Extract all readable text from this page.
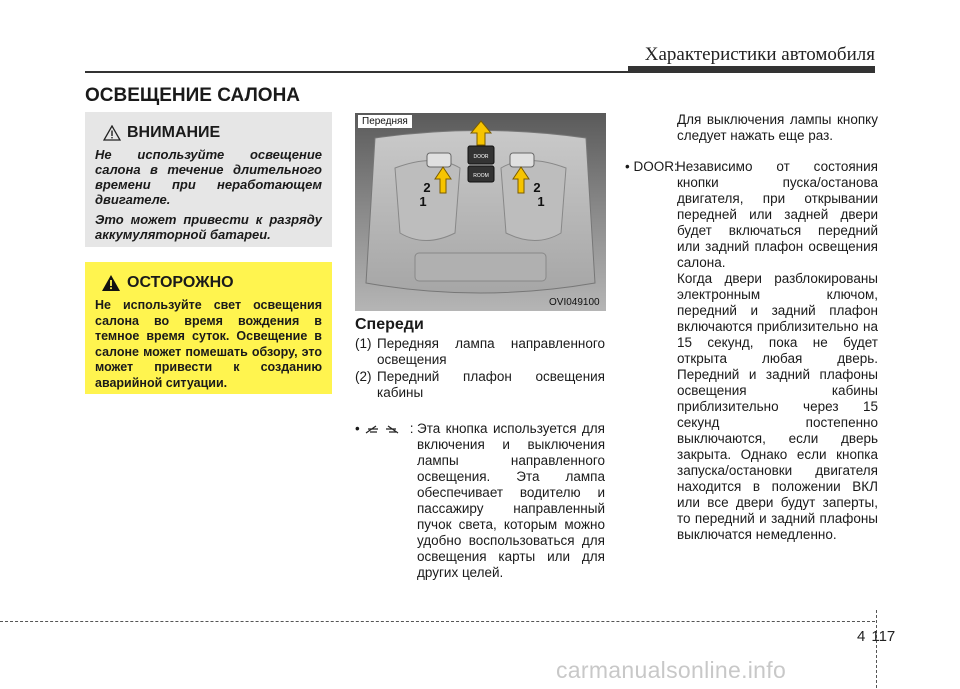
Характеристики автомобиля
ОСВЕЩЕНИЕ САЛОНА
ВНИМАНИЕ

Не используйте освещение салона в течение длительного времени при неработающем двигателе.

Это может привести к разряду аккумуляторной батареи.

ОСТОРОЖНО

Не используйте свет освещения салона во время вождения в темное время суток. Освещение в салоне может помешать обзору, это может привести к созданию аварийной ситуации.

DOOR
ROOM
2
1
2
1
Передняя
OVI049100
Спереди
(1) Передняя лампа направленного освещения
(2) Передний плафон освещения кабины
•	: Эта кнопка используется для включения и выключения лампы направленного освещения. Эта лампа обеспечивает водителю и пассажиру направленный пучок света, которым можно удобно воспользоваться для освещения карты или для других целей.
Для выключения лампы кнопку следует нажать еще раз.
• DOOR:
Независимо от состояния кнопки пуска/останова двигателя, при открывании передней или задней двери будет включаться передний или задний плафон освещения салона.
Когда двери разблокированы электронным ключом, передний и задний плафон включаются приблизительно на 15 секунд, пока не будет открыта любая дверь. Передний и задний плафоны освещения кабины приблизительно через 15 секунд постепенно выключаются, если дверь закрыта. Однако если кнопка запуска/остановки двигателя находится в положении ВКЛ или все двери будут заперты, то передний и задний плафоны выключатся немедленно.
4 117
carmanualsonline.info
